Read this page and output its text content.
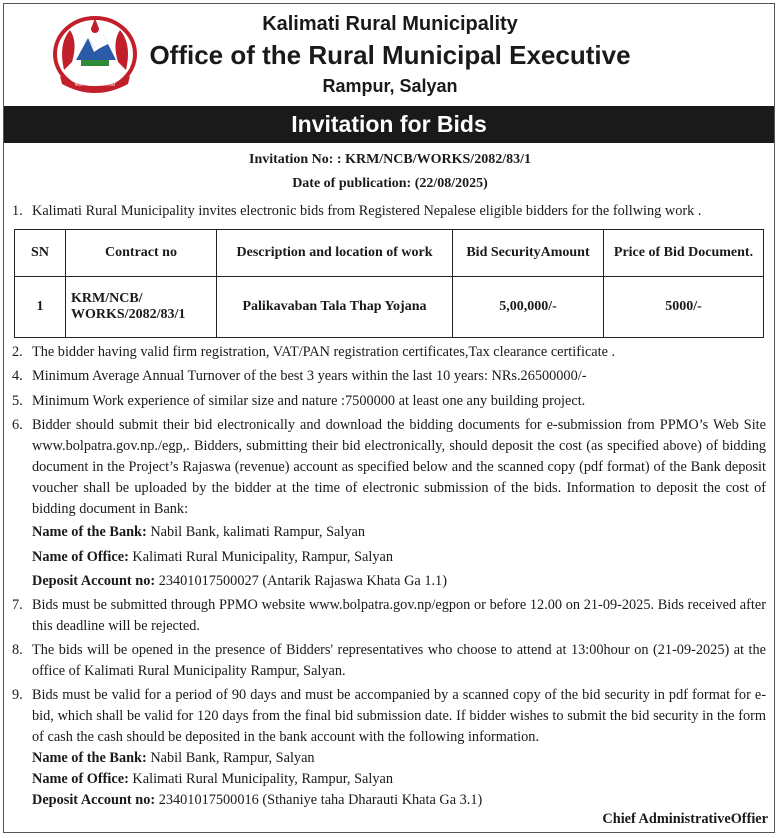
कालिमाटी गाउँपालिका
Kalimati Rural Municipality
Office of the Rural Municipal Executive
Rampur, Salyan
Invitation for Bids
Invitation No: : KRM/NCB/WORKS/2082/83/1
Date of publication: (22/08/2025)
1. Kalimati Rural Municipality invites electronic bids from Registered Nepalese eligible bidders for the follwing work .
SN	Contract no	Description and location of work	Bid SecurityAmount	Price of Bid Document.
1	KRM/NCB/ WORKS/2082/83/1	Palikavaban Tala Thap Yojana	5,00,000/-	5000/-
2. The bidder having valid firm registration, VAT/PAN registration certificates,Tax clearance certificate .
4. Minimum Average Annual Turnover of the best 3 years within the last 10 years: NRs.26500000/-
5. Minimum Work experience of similar size and nature :7500000 at least one any building project.
6. Bidder should submit their bid electronically and download the bidding documents for e-submission from PPMO’s Web Site www.bolpatra.gov.np./egp,. Bidders, submitting their bid electronically, should deposit the cost (as specified above) of bidding document in the Project’s Rajaswa (revenue) account as specified below and the scanned copy (pdf format) of the Bank deposit voucher shall be uploaded by the bidder at the time of electronic submission of the bids. Information to deposit the cost of bidding document in Bank:
Name of the Bank: Nabil Bank, kalimati Rampur, Salyan
Name of Office: Kalimati Rural Municipality, Rampur, Salyan
Deposit Account no: 23401017500027 (Antarik Rajaswa Khata Ga 1.1)
7. Bids must be submitted through PPMO website www.bolpatra.gov.np/egpon or before 12.00 on 21-09-2025. Bids received after this deadline will be rejected.
8. The bids will be opened in the presence of Bidders' representatives who choose to attend at 13:00hour on (21-09-2025) at the office of Kalimati Rural Municipality Rampur, Salyan.
9. Bids must be valid for a period of 90 days and must be accompanied by a scanned copy of the bid security in pdf format for e-bid, which shall be valid for 120 days from the final bid submission date. If bidder wishes to submit the bid security in the form of cash the cash should be deposited in the bank account with the following information.
Name of the Bank: Nabil Bank, Rampur, Salyan
Name of Office: Kalimati Rural Municipality, Rampur, Salyan
Deposit Account no: 23401017500016 (Sthaniye taha Dharauti Khata Ga 3.1)
Chief AdministrativeOffier
